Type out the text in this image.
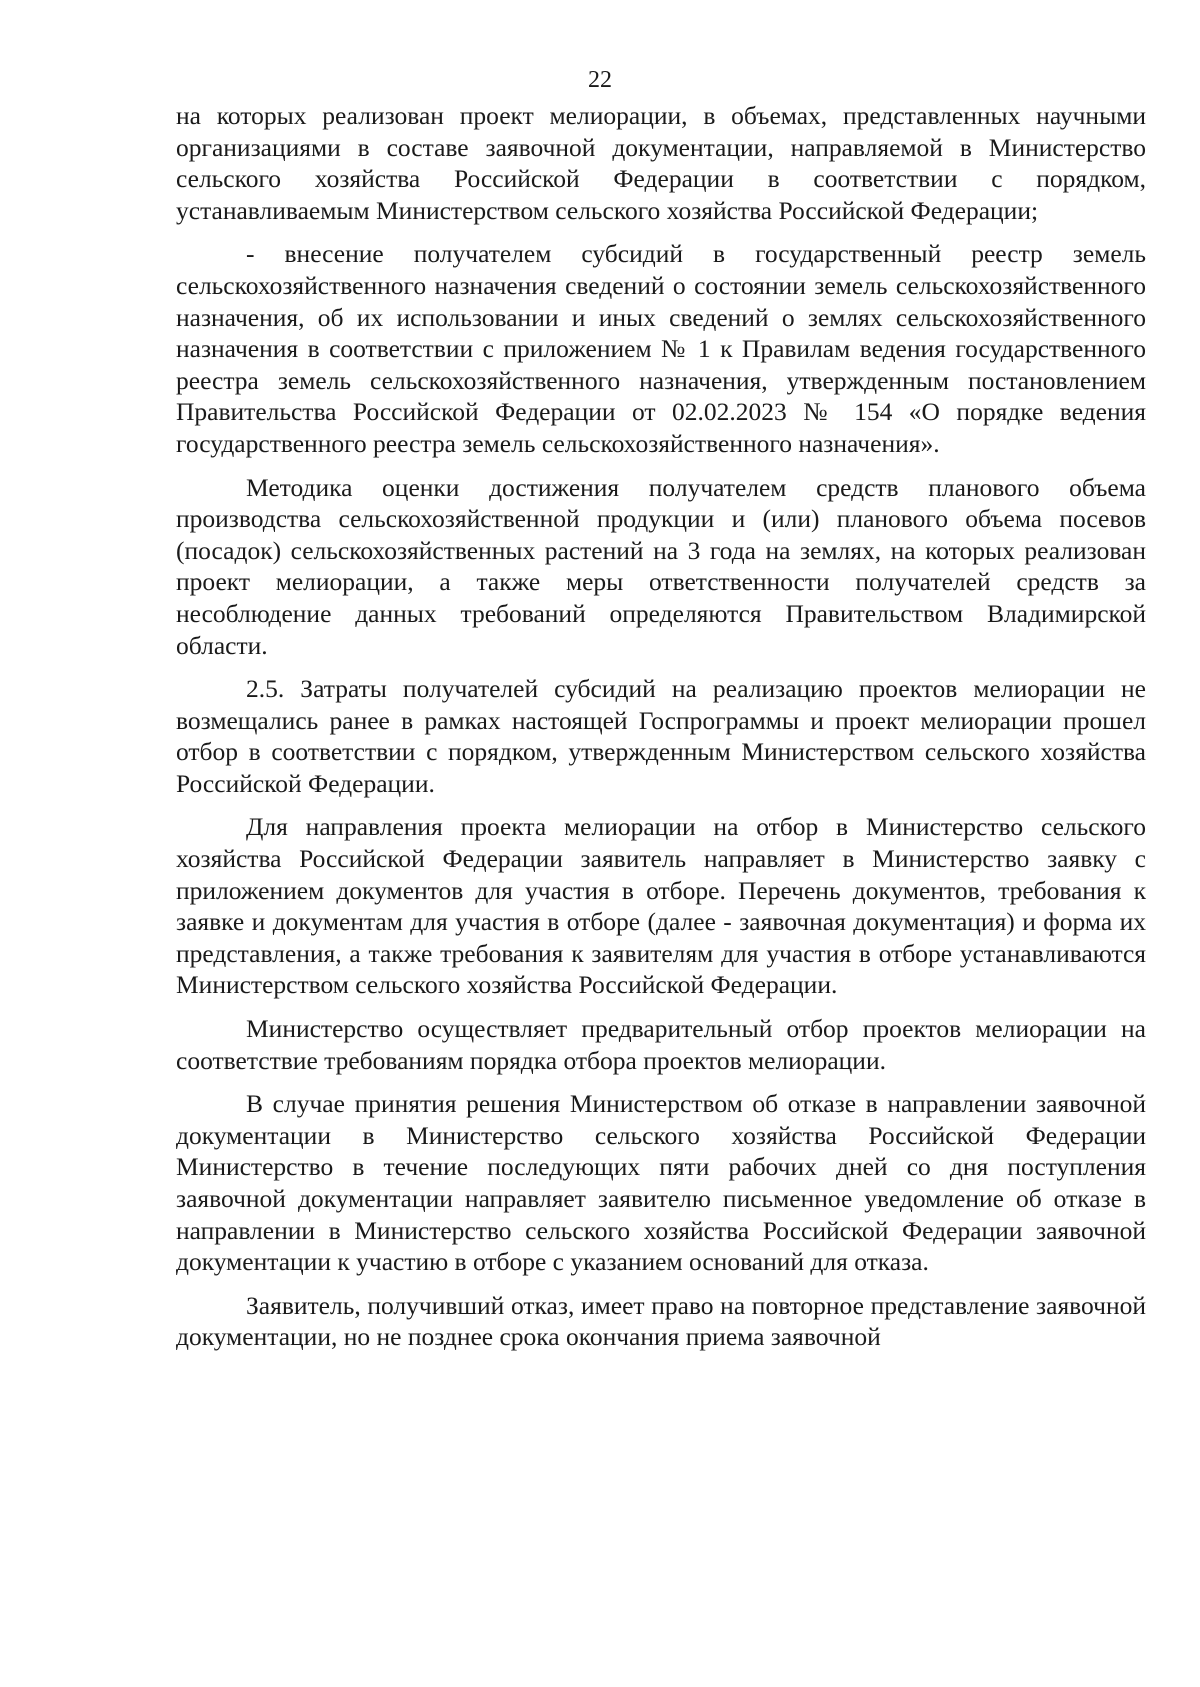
22

на которых реализован проект мелиорации, в объемах, представленных научными организациями в составе заявочной документации, направляемой в Министерство сельского хозяйства Российской Федерации в соответствии с порядком, устанавливаемым Министерством сельского хозяйства Российской Федерации;

- внесение получателем субсидий в государственный реестр земель сельскохозяйственного назначения сведений о состоянии земель сельскохозяйственного назначения, об их использовании и иных сведений о землях сельскохозяйственного назначения в соответствии с приложением № 1 к Правилам ведения государственного реестра земель сельскохозяйственного назначения, утвержденным постановлением Правительства Российской Федерации от 02.02.2023 № 154 «О порядке ведения государственного реестра земель сельскохозяйственного назначения».

Методика оценки достижения получателем средств планового объема производства сельскохозяйственной продукции и (или) планового объема посевов (посадок) сельскохозяйственных растений на 3 года на землях, на которых реализован проект мелиорации, а также меры ответственности получателей средств за несоблюдение данных требований определяются Правительством Владимирской области.

2.5. Затраты получателей субсидий на реализацию проектов мелиорации не возмещались ранее в рамках настоящей Госпрограммы и проект мелиорации прошел отбор в соответствии с порядком, утвержденным Министерством сельского хозяйства Российской Федерации.

Для направления проекта мелиорации на отбор в Министерство сельского хозяйства Российской Федерации заявитель направляет в Министерство заявку с приложением документов для участия в отборе. Перечень документов, требования к заявке и документам для участия в отборе (далее - заявочная документация) и форма их представления, а также требования к заявителям для участия в отборе устанавливаются Министерством сельского хозяйства Российской Федерации.

Министерство осуществляет предварительный отбор проектов мелиорации на соответствие требованиям порядка отбора проектов мелиорации.

В случае принятия решения Министерством об отказе в направлении заявочной документации в Министерство сельского хозяйства Российской Федерации Министерство в течение последующих пяти рабочих дней со дня поступления заявочной документации направляет заявителю письменное уведомление об отказе в направлении в Министерство сельского хозяйства Российской Федерации заявочной документации к участию в отборе с указанием оснований для отказа.

Заявитель, получивший отказ, имеет право на повторное представление заявочной документации, но не позднее срока окончания приема заявочной
